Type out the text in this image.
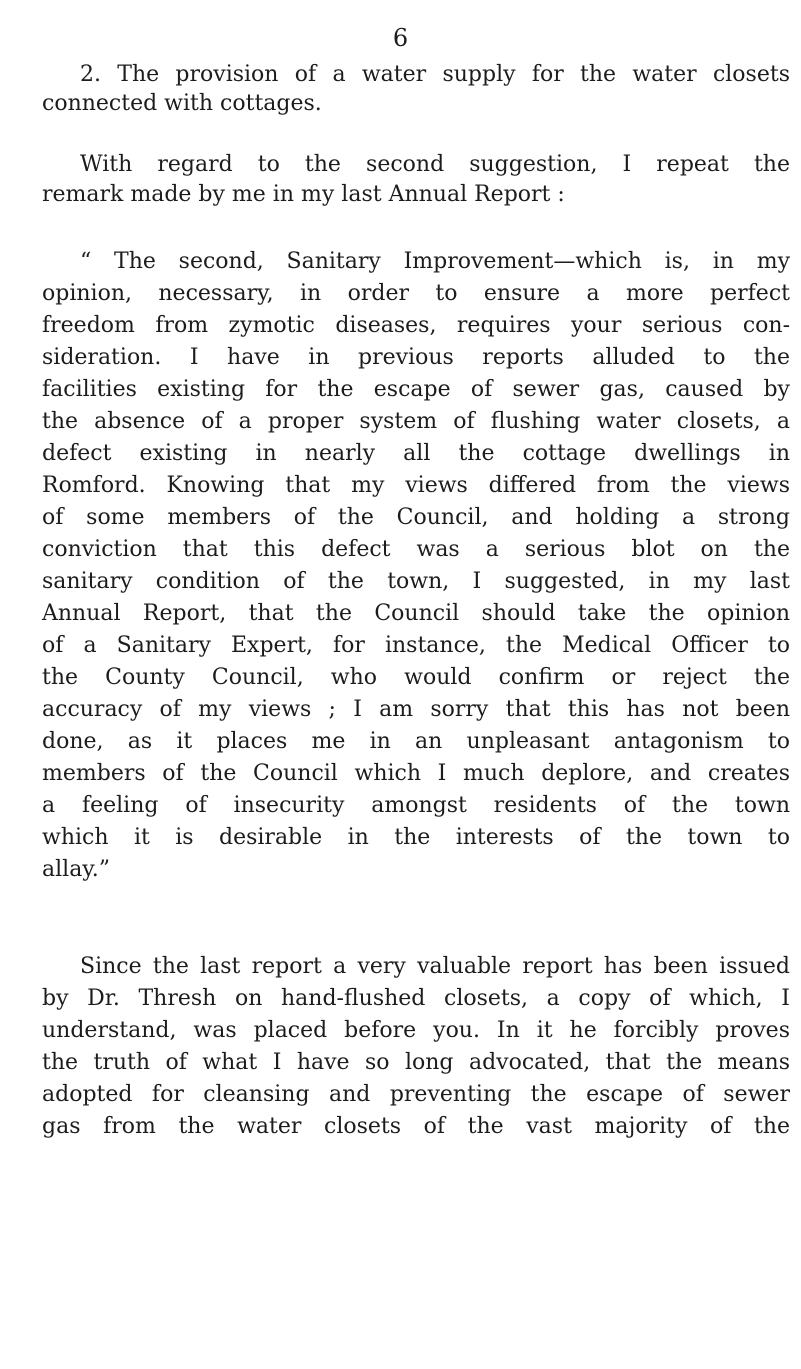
6
2. The provision of a water supply for the water closets
connected with cottages.
With regard to the second suggestion, I repeat the
remark made by me in my last Annual Report :
“ The second, Sanitary Improvement—which is, in my
opinion, necessary, in order to ensure a more perfect
freedom from zymotic diseases, requires your serious con-
sideration. I have in previous reports alluded to the
facilities existing for the escape of sewer gas, caused by
the absence of a proper system of flushing water closets, a
defect existing in nearly all the cottage dwellings in
Romford. Knowing that my views differed from the views
of some members of the Council, and holding a strong
conviction that this defect was a serious blot on the
sanitary condition of the town, I suggested, in my last
Annual Report, that the Council should take the opinion
of a Sanitary Expert, for instance, the Medical Officer to
the County Council, who would confirm or reject the
accuracy of my views ; I am sorry that this has not been
done, as it places me in an unpleasant antagonism to
members of the Council which I much deplore, and creates
a feeling of insecurity amongst residents of the town
which it is desirable in the interests of the town to
allay.”
Since the last report a very valuable report has been issued
by Dr. Thresh on hand-flushed closets, a copy of which, I
understand, was placed before you. In it he forcibly proves
the truth of what I have so long advocated, that the means
adopted for cleansing and preventing the escape of sewer
gas from the water closets of the vast majority of the
